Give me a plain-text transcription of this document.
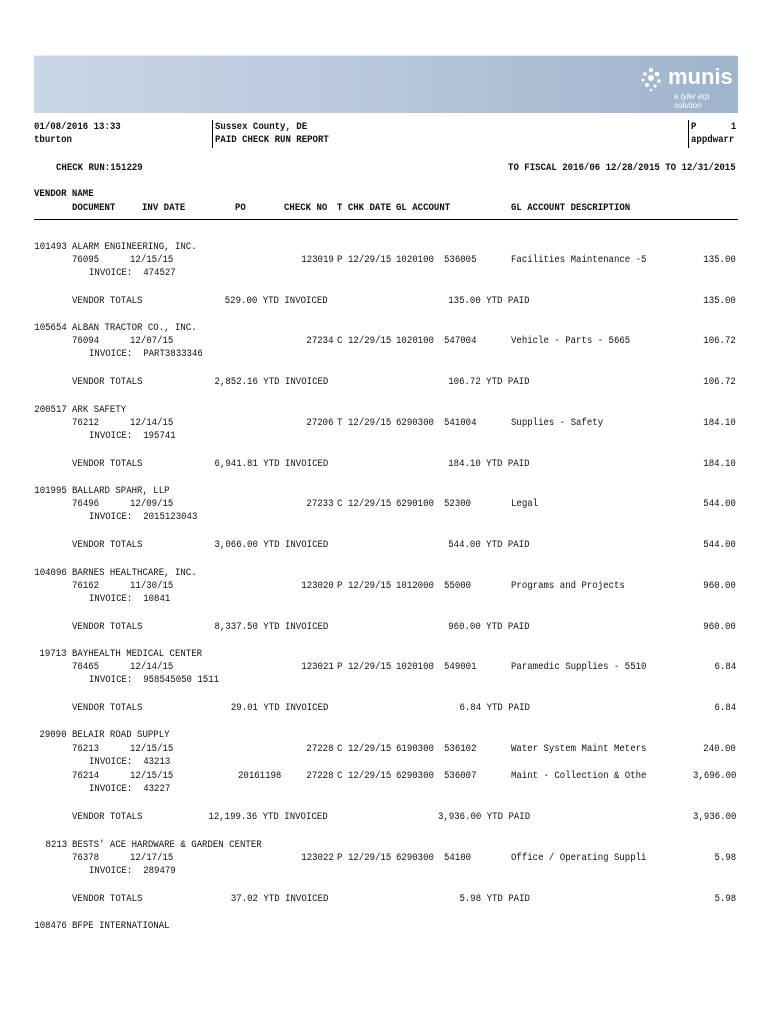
munis
a tyler erp solution
01/08/2016 13:33
tburton
Sussex County, DE
PAID CHECK RUN REPORT
P	1
appdwarr
CHECK RUN:151229	TO FISCAL 2016/06 12/28/2015 TO 12/31/2015
VENDOR NAME
DOCUMENT	INV DATE	PO	CHECK NO T CHK DATE GL ACCOUNT	GL ACCOUNT DESCRIPTION
101493 ALARM ENGINEERING, INC.
76095	12/15/15	123019 P 12/29/15 1020100 536005	Facilities Maintenance -5	135.00
INVOICE:  474527
VENDOR TOTALS	529.00 YTD INVOICED	135.00 YTD PAID	135.00
105654 ALBAN TRACTOR CO., INC.
76094	12/07/15	27234 C 12/29/15 1020100 547004	Vehicle - Parts - 5665	106.72
INVOICE:  PART3833346
VENDOR TOTALS	2,852.16 YTD INVOICED	106.72 YTD PAID	106.72
200517 ARK SAFETY
76212	12/14/15	27206 T 12/29/15 6290300 541004	Supplies - Safety	184.10
INVOICE:  195741
VENDOR TOTALS	6,941.81 YTD INVOICED	184.10 YTD PAID	184.10
101995 BALLARD SPAHR, LLP
76496	12/09/15	27233 C 12/29/15 6290100 52300	Legal	544.00
INVOICE:  2015123043
VENDOR TOTALS	3,066.00 YTD INVOICED	544.00 YTD PAID	544.00
104096 BARNES HEALTHCARE, INC.
76162	11/30/15	123020 P 12/29/15 1012000 55000	Programs and Projects	960.00
INVOICE:  10841
VENDOR TOTALS	8,337.50 YTD INVOICED	960.00 YTD PAID	960.00
19713 BAYHEALTH MEDICAL CENTER
76465	12/14/15	123021 P 12/29/15 1020100 549001	Paramedic Supplies - 5510	6.84
INVOICE:  958545050 1511
VENDOR TOTALS	29.01 YTD INVOICED	6.84 YTD PAID	6.84
29090 BELAIR ROAD SUPPLY
76213	12/15/15	27228 C 12/29/15 6190300 536102	Water System Maint Meters	240.00
INVOICE:  43213
76214	12/15/15	20161198 27228 C 12/29/15 6290300 536007	Maint - Collection & Othe	3,696.00
INVOICE:  43227
VENDOR TOTALS	12,199.36 YTD INVOICED	3,936.00 YTD PAID	3,936.00
8213 BESTS' ACE HARDWARE & GARDEN CENTER
76378	12/17/15	123022 P 12/29/15 6290300 54100	Office / Operating Suppli	5.98
INVOICE:  289479
VENDOR TOTALS	37.02 YTD INVOICED	5.98 YTD PAID	5.98
108476 BFPE INTERNATIONAL
